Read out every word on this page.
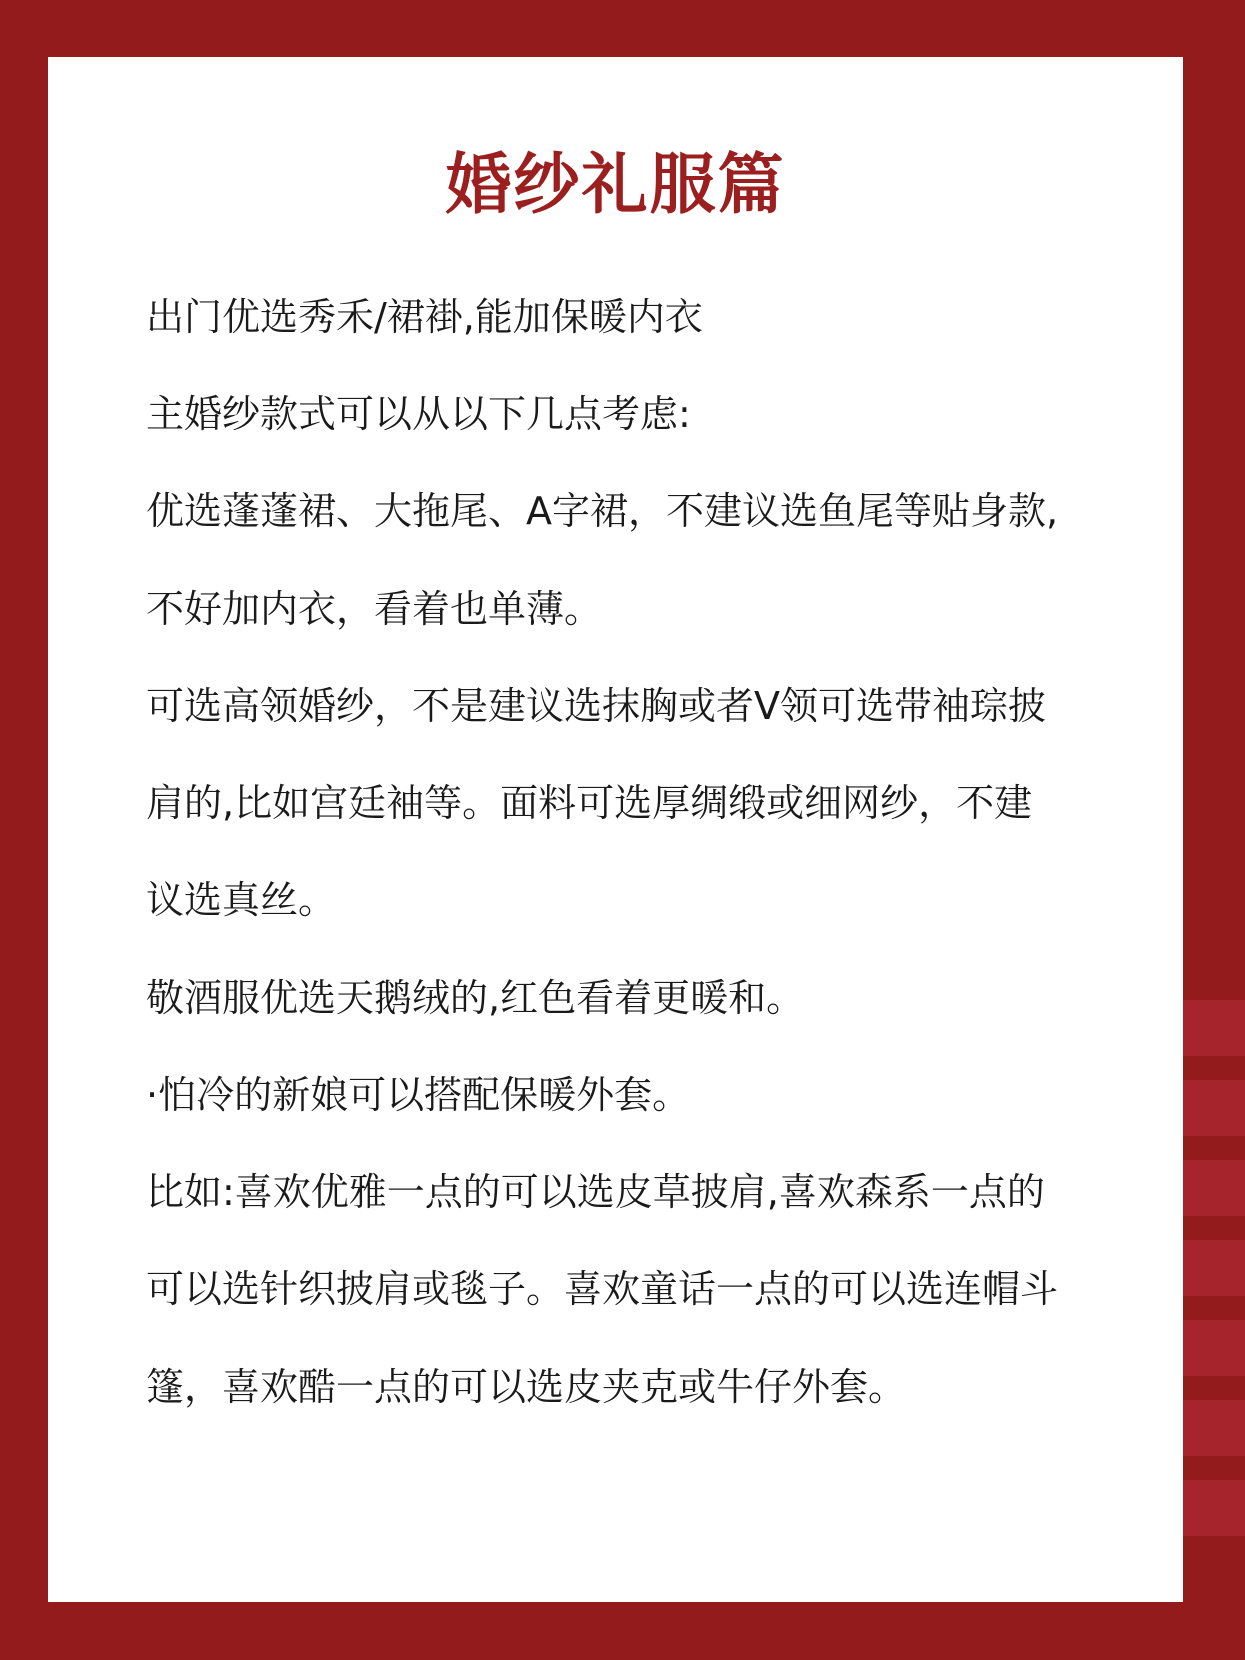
婚纱礼服篇
出门优选秀禾/裙褂,能加保暖内衣
主婚纱款式可以从以下几点考虑:
优选蓬蓬裙、大拖尾、A字裙，不建议选鱼尾等贴身款,
不好加内衣，看着也单薄。
可选高领婚纱，不是建议选抹胸或者V领可选带袖琮披
肩的,比如宫廷袖等。面料可选厚绸缎或细网纱，不建
议选真丝。
敬酒服优选天鹅绒的,红色看着更暖和。
·怕冷的新娘可以搭配保暖外套。
比如:喜欢优雅一点的可以选皮草披肩,喜欢森系一点的
可以选针织披肩或毯子。喜欢童话一点的可以选连帽斗
篷，喜欢酷一点的可以选皮夹克或牛仔外套。
